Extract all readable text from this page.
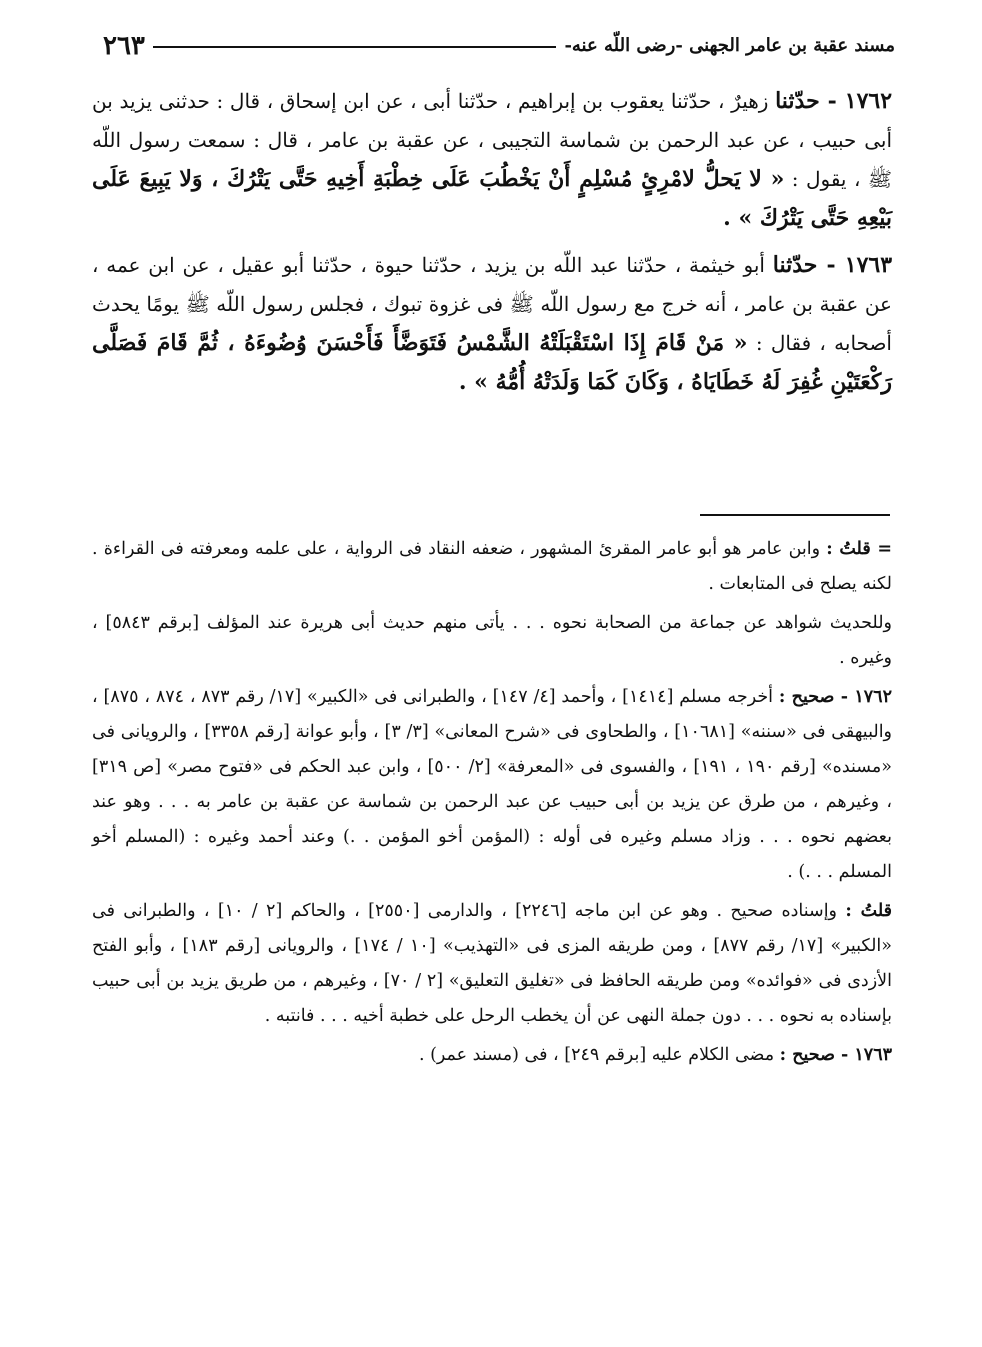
مسند عقبة بن عامر الجهنى -رضى اللّه عنه-
٢٦٣

١٧٦٢ - حدّثنا زهيرٌ ، حدّثنا يعقوب بن إبراهيم ، حدّثنا أبى ، عن ابن إسحاق ، قال : حدثنى يزيد بن أبى حبيب ، عن عبد الرحمن بن شماسة التجيبى ، عن عقبة بن عامر ، قال : سمعت رسول اللّه ﷺ ، يقول : « لا يَحلُّ لامْرِئٍ مُسْلِمٍ أَنْ يَخْطُبَ عَلَى خِطْبَةِ أَخِيهِ حَتَّى يَتْرُكَ ، وَلا يَبِيعَ عَلَى بَيْعِهِ حَتَّى يَتْرُكَ » .

١٧٦٣ - حدّثنا أبو خيثمة ، حدّثنا عبد اللّه بن يزيد ، حدّثنا حيوة ، حدّثنا أبو عقيل ، عن ابن عمه ، عن عقبة بن عامر ، أنه خرج مع رسول اللّه ﷺ فى غزوة تبوك ، فجلس رسول اللّه ﷺ يومًا يحدث أصحابه ، فقال : « مَنْ قَامَ إِذَا اسْتَقْبَلَتْهُ الشَّمْسُ فَتَوَضَّأَ فَأَحْسَنَ وُضُوءَهُ ، ثُمَّ قَامَ فَصَلَّى رَكْعَتَيْنِ غُفِرَ لَهُ خَطَايَاهُ ، وَكَانَ كَمَا وَلَدَتْهُ أُمُّهُ » .

= قلتُ : وابن عامر هو أبو عامر المقرئ المشهور ، ضعفه النقاد فى الرواية ، على علمه ومعرفته فى القراءة . لكنه يصلح فى المتابعات .

وللحديث شواهد عن جماعة من الصحابة نحوه . . . يأتى منهم حديث أبى هريرة عند المؤلف [برقم ٥٨٤٣] ، وغيره .

١٧٦٢ - صحيح : أخرجه مسلم [١٤١٤] ، وأحمد [٤/ ١٤٧] ، والطبرانى فى «الكبير» [١٧/ رقم ٨٧٣ ، ٨٧٤ ، ٨٧٥] ، والبيهقى فى «سننه» [١٠٦٨١] ، والطحاوى فى «شرح المعانى» [٣/ ٣] ، وأبو عوانة [رقم ٣٣٥٨] ، والرويانى فى «مسنده» [رقم ١٩٠ ، ١٩١] ، والفسوى فى «المعرفة» [٢/ ٥٠٠] ، وابن عبد الحكم فى «فتوح مصر» [ص ٣١٩] ، وغيرهم ، من طرق عن يزيد بن أبى حبيب عن عبد الرحمن بن شماسة عن عقبة بن عامر به . . . وهو عند بعضهم نحوه . . . وزاد مسلم وغيره فى أوله : (المؤمن أخو المؤمن . .) وعند أحمد وغيره : (المسلم أخو المسلم . . .) .

قلتُ : وإسناده صحيح . وهو عن ابن ماجه [٢٢٤٦] ، والدارمى [٢٥٥٠] ، والحاكم [٢ / ١٠] ، والطبرانى فى «الكبير» [١٧/ رقم ٨٧٧] ، ومن طريقه المزى فى «التهذيب» [١٠ / ١٧٤] ، والرويانى [رقم ١٨٣] ، وأبو الفتح الأزدى فى «فوائده» ومن طريقه الحافظ فى «تغليق التعليق» [٢ / ٧٠] ، وغيرهم ، من طريق يزيد بن أبى حبيب بإسناده به نحوه . . . دون جملة النهى عن أن يخطب الرحل على خطبة أخيه . . . فانتبه .

١٧٦٣ - صحيح : مضى الكلام عليه [برقم ٢٤٩] ، فى (مسند عمر) .
